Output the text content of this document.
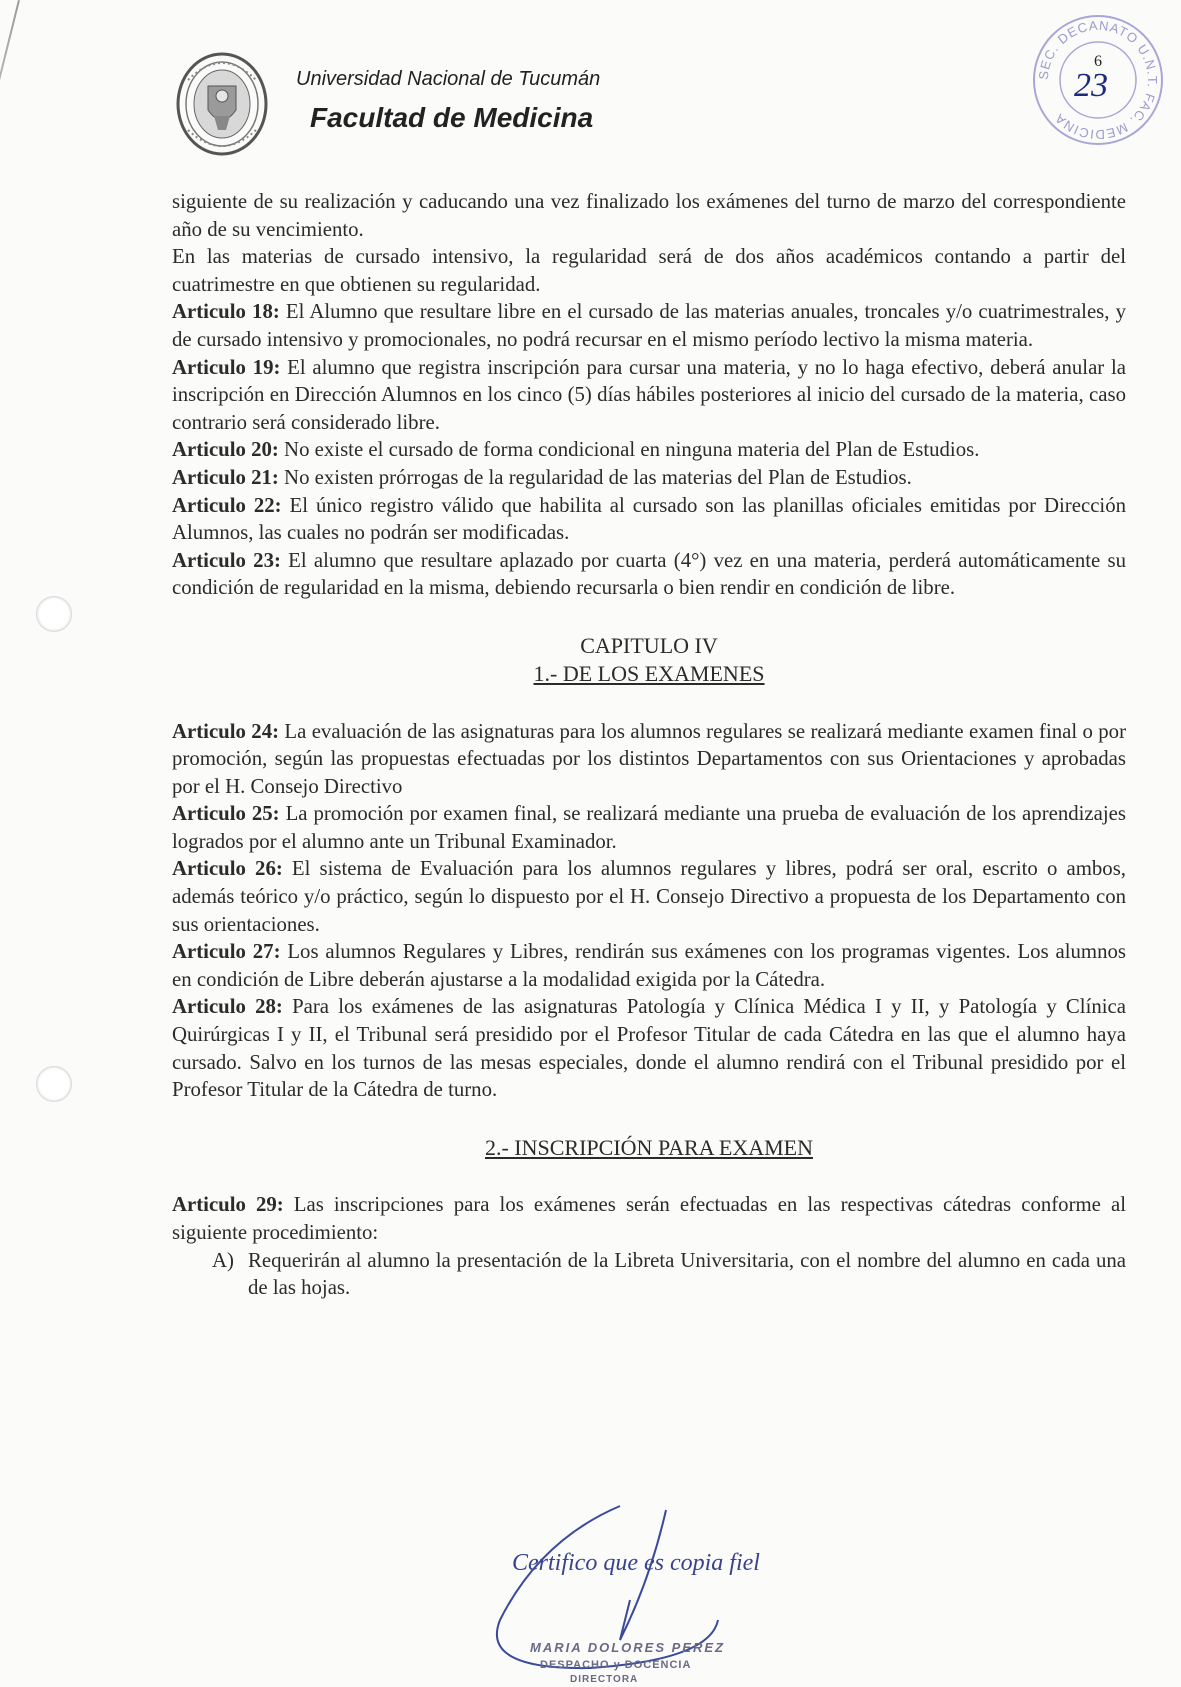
Universidad Nacional de Tucumán
Facultad de Medicina
SEC. DECANATO U.N.T. FAC. MEDICINA
6
23

siguiente de su realización y caducando una vez finalizado los exámenes del turno de marzo del correspondiente año de su vencimiento.

En las materias de cursado intensivo, la regularidad será de dos años académicos contando a partir del cuatrimestre en que obtienen su regularidad.

Articulo 18: El Alumno que resultare libre en el cursado de las materias anuales, troncales y/o cuatrimestrales, y de cursado intensivo y promocionales, no podrá recursar en el mismo período lectivo la misma materia.

Articulo 19: El alumno que registra inscripción para cursar una materia, y no lo haga efectivo, deberá anular la inscripción en Dirección Alumnos en los cinco (5) días hábiles posteriores al inicio del cursado de la materia, caso contrario será considerado libre.

Articulo 20: No existe el cursado de forma condicional en ninguna materia del Plan de Estudios.

Articulo 21: No existen prórrogas de la regularidad de las materias del Plan de Estudios.

Articulo 22: El único registro válido que habilita al cursado son las planillas oficiales emitidas por Dirección Alumnos, las cuales no podrán ser modificadas.

Articulo 23: El alumno que resultare aplazado por cuarta (4°) vez en una materia, perderá automáticamente su condición de regularidad en la misma, debiendo recursarla o bien rendir en condición de libre.

CAPITULO IV

1.- DE LOS EXAMENES

Articulo 24: La evaluación de las asignaturas para los alumnos regulares se realizará mediante examen final o por promoción, según las propuestas efectuadas por los distintos Departamentos con sus Orientaciones y aprobadas por el H. Consejo Directivo

Articulo 25: La promoción por examen final, se realizará mediante una prueba de evaluación de los aprendizajes logrados por el alumno ante un Tribunal Examinador.

Articulo 26: El sistema de Evaluación para los alumnos regulares y libres, podrá ser oral, escrito o ambos, además teórico y/o práctico, según lo dispuesto por el H. Consejo Directivo a propuesta de los Departamento con sus orientaciones.

Articulo 27: Los alumnos Regulares y Libres, rendirán sus exámenes con los programas vigentes. Los alumnos en condición de Libre deberán ajustarse a la modalidad exigida por la Cátedra.

Articulo 28: Para los exámenes de las asignaturas Patología y Clínica Médica I y II, y Patología y Clínica Quirúrgicas I y II, el Tribunal será presidido por el Profesor Titular de cada Cátedra en las que el alumno haya cursado. Salvo en los turnos de las mesas especiales, donde el alumno rendirá con el Tribunal presidido por el Profesor Titular de la Cátedra de turno.

2.- INSCRIPCIÓN PARA EXAMEN

Articulo 29: Las inscripciones para los exámenes serán efectuadas en las respectivas cátedras conforme al siguiente procedimiento:

A) Requerirán al alumno la presentación de la Libreta Universitaria, con el nombre del alumno en cada una de las hojas.

Certifico que es copia fiel
MARIA DOLORES PEREZ
DESPACHO y DOCENCIA
DIRECTORA
